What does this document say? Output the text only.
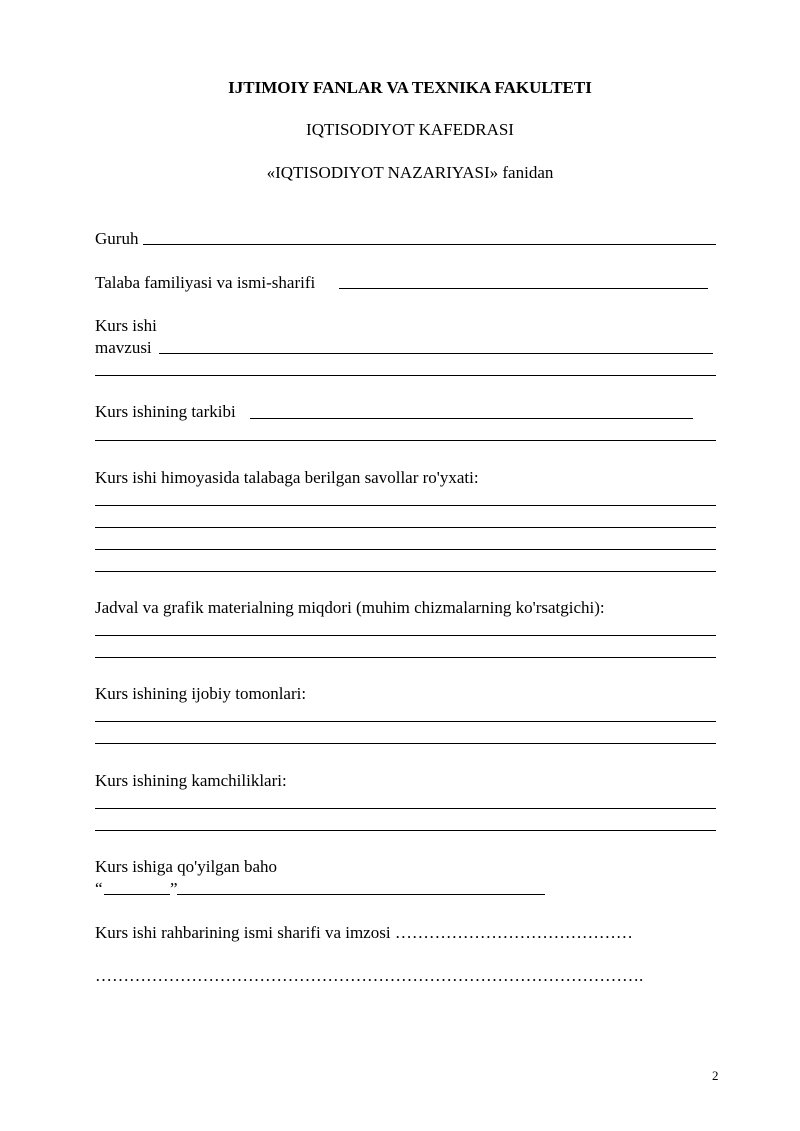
IJTIMOIY FANLAR VA TEXNIKA FAKULTETI
IQTISODIYOT KAFEDRASI
«IQTISODIYOT NAZARIYASI» fanidan
Guruh
Talaba familiyasi va ismi-sharifi
Kurs ishi
mavzusi
Kurs ishining tarkibi
Kurs ishi himoyasida talabaga berilgan savollar ro'yxati:
Jadval va grafik materialning miqdori (muhim chizmalarning ko'rsatgichi):
Kurs ishining ijobiy tomonlari:
Kurs ishining kamchiliklari:
Kurs ishiga qo'yilgan baho
“	”
Kurs ishi rahbarining ismi sharifi va imzosi ……………………………………
…………………………………………………………………………………….
2
